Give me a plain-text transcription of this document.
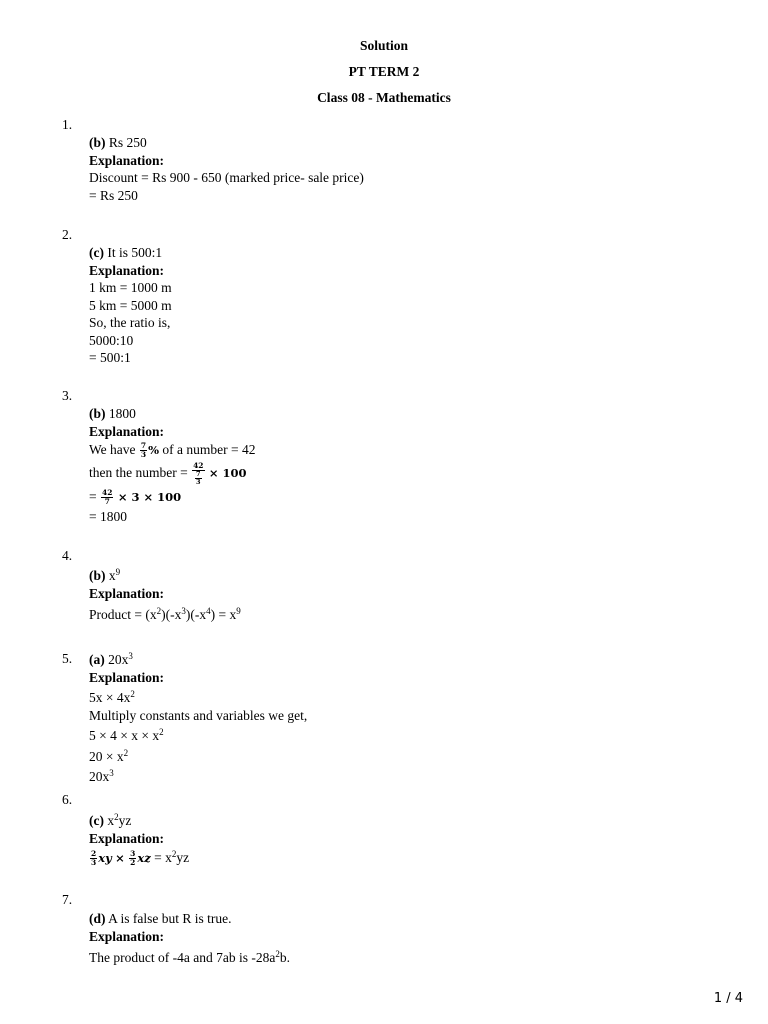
Solution
PT TERM 2
Class 08 - Mathematics
1.
(b) Rs 250
Explanation:
Discount = Rs 900 - 650 (marked price- sale price)
= Rs 250
2.
(c) It is 500:1
Explanation:
1 km = 1000 m
5 km = 5000 m
So, the ratio is,
5000:10
= 500:1
3.
(b) 1800
Explanation:
We have $\frac{7}{3}$ % of a number = 42
then the number = $\frac{42}{\frac{7}{3}} \times 100$
= $\frac{42}{7} \times 3 \times 100$
= 1800
4.
(b) $x^9$
Explanation:
Product = $(x^2)(-x^3)(-x^4) = x^9$
5. (a) $20x^3$
Explanation:
$5x \times 4x^2$
Multiply constants and variables we get,
$5 \times 4 \times x \times x^2$
$20 \times x^2$
$20x^3$
6.
(c) $x^2yz$
Explanation:
$\frac{2}{3}$ xy × $\frac{3}{2}$ xz = $x^2yz$
7.
(d) A is false but R is true.
Explanation:
The product of -4a and 7ab is $-28a^2b$.
1 / 4
